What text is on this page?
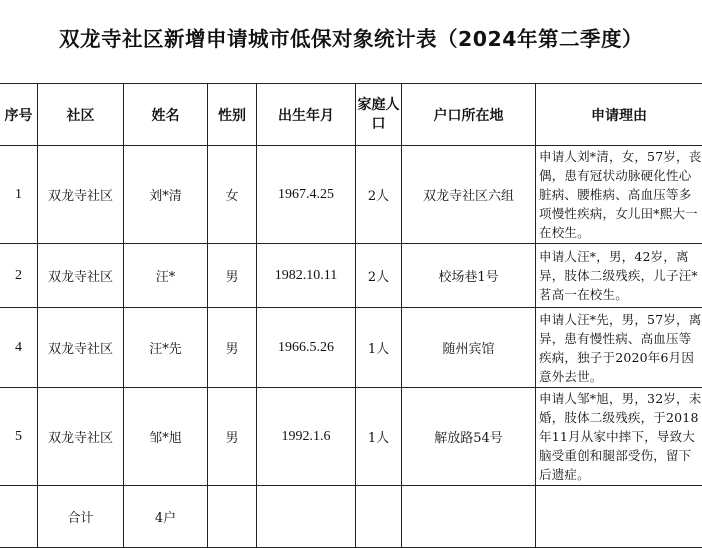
双龙寺社区新增申请城市低保对象统计表（2024年第二季度）
序号	社区	姓名	性别	出生年月	家庭人口	户口所在地	申请理由
1	双龙寺社区	刘*清	女	1967.4.25	2人	双龙寺社区六组	申请人刘*清，女，57岁，丧偶，患有冠状动脉硬化性心脏病、腰椎病、高血压等多项慢性疾病，女儿田*熙大一在校生。
2	双龙寺社区	汪*	男	1982.10.11	2人	校场巷1号	申请人汪*，男，42岁，离异，肢体二级残疾，儿子汪*茗高一在校生。
4	双龙寺社区	汪*先	男	1966.5.26	1人	随州宾馆	申请人汪*先，男，57岁，离异，患有慢性病、高血压等疾病，独子于2020年6月因意外去世。
5	双龙寺社区	邹*旭	男	1992.1.6	1人	解放路54号	申请人邹*旭，男，32岁，未婚，肢体二级残疾，于2018年11月从家中摔下，导致大脑受重创和腿部受伤，留下后遗症。
	合计	4户					
